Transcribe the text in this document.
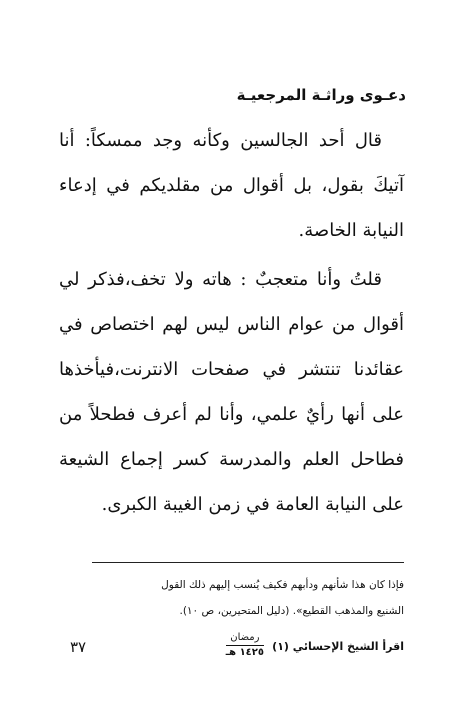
دعـوى وراثـة المرجعيـة

قال أحد الجالسين وكأنه وجد ممسكاً: أنا آتيكَ بقول، بل أقوال من مقلديكم في إدعاء النيابة الخاصة.

قلتُ وأنا متعجبٌ : هاته ولا تخف،فذكر لي أقوال من عوام الناس ليس لهم اختصاص في عقائدنا تنتشر في صفحات الانترنت،فيأخذها على أنها رأيٌ علمي، وأنا لم أعرف فطحلاً من فطاحل العلم والمدرسة كسر إجماع الشيعة على النيابة العامة في زمن الغيبة الكبرى.

فإذا كان هذا شأنهم ودأبهم فكيف يُنسب إليهم ذلك القول

الشنيع والمذهب القطيع». (دليل المتحيرين، ص ١٠).

اقرأ الشيخ الإحسائي (١)
رمضان
١٤٢٥ هـ
٣٧
